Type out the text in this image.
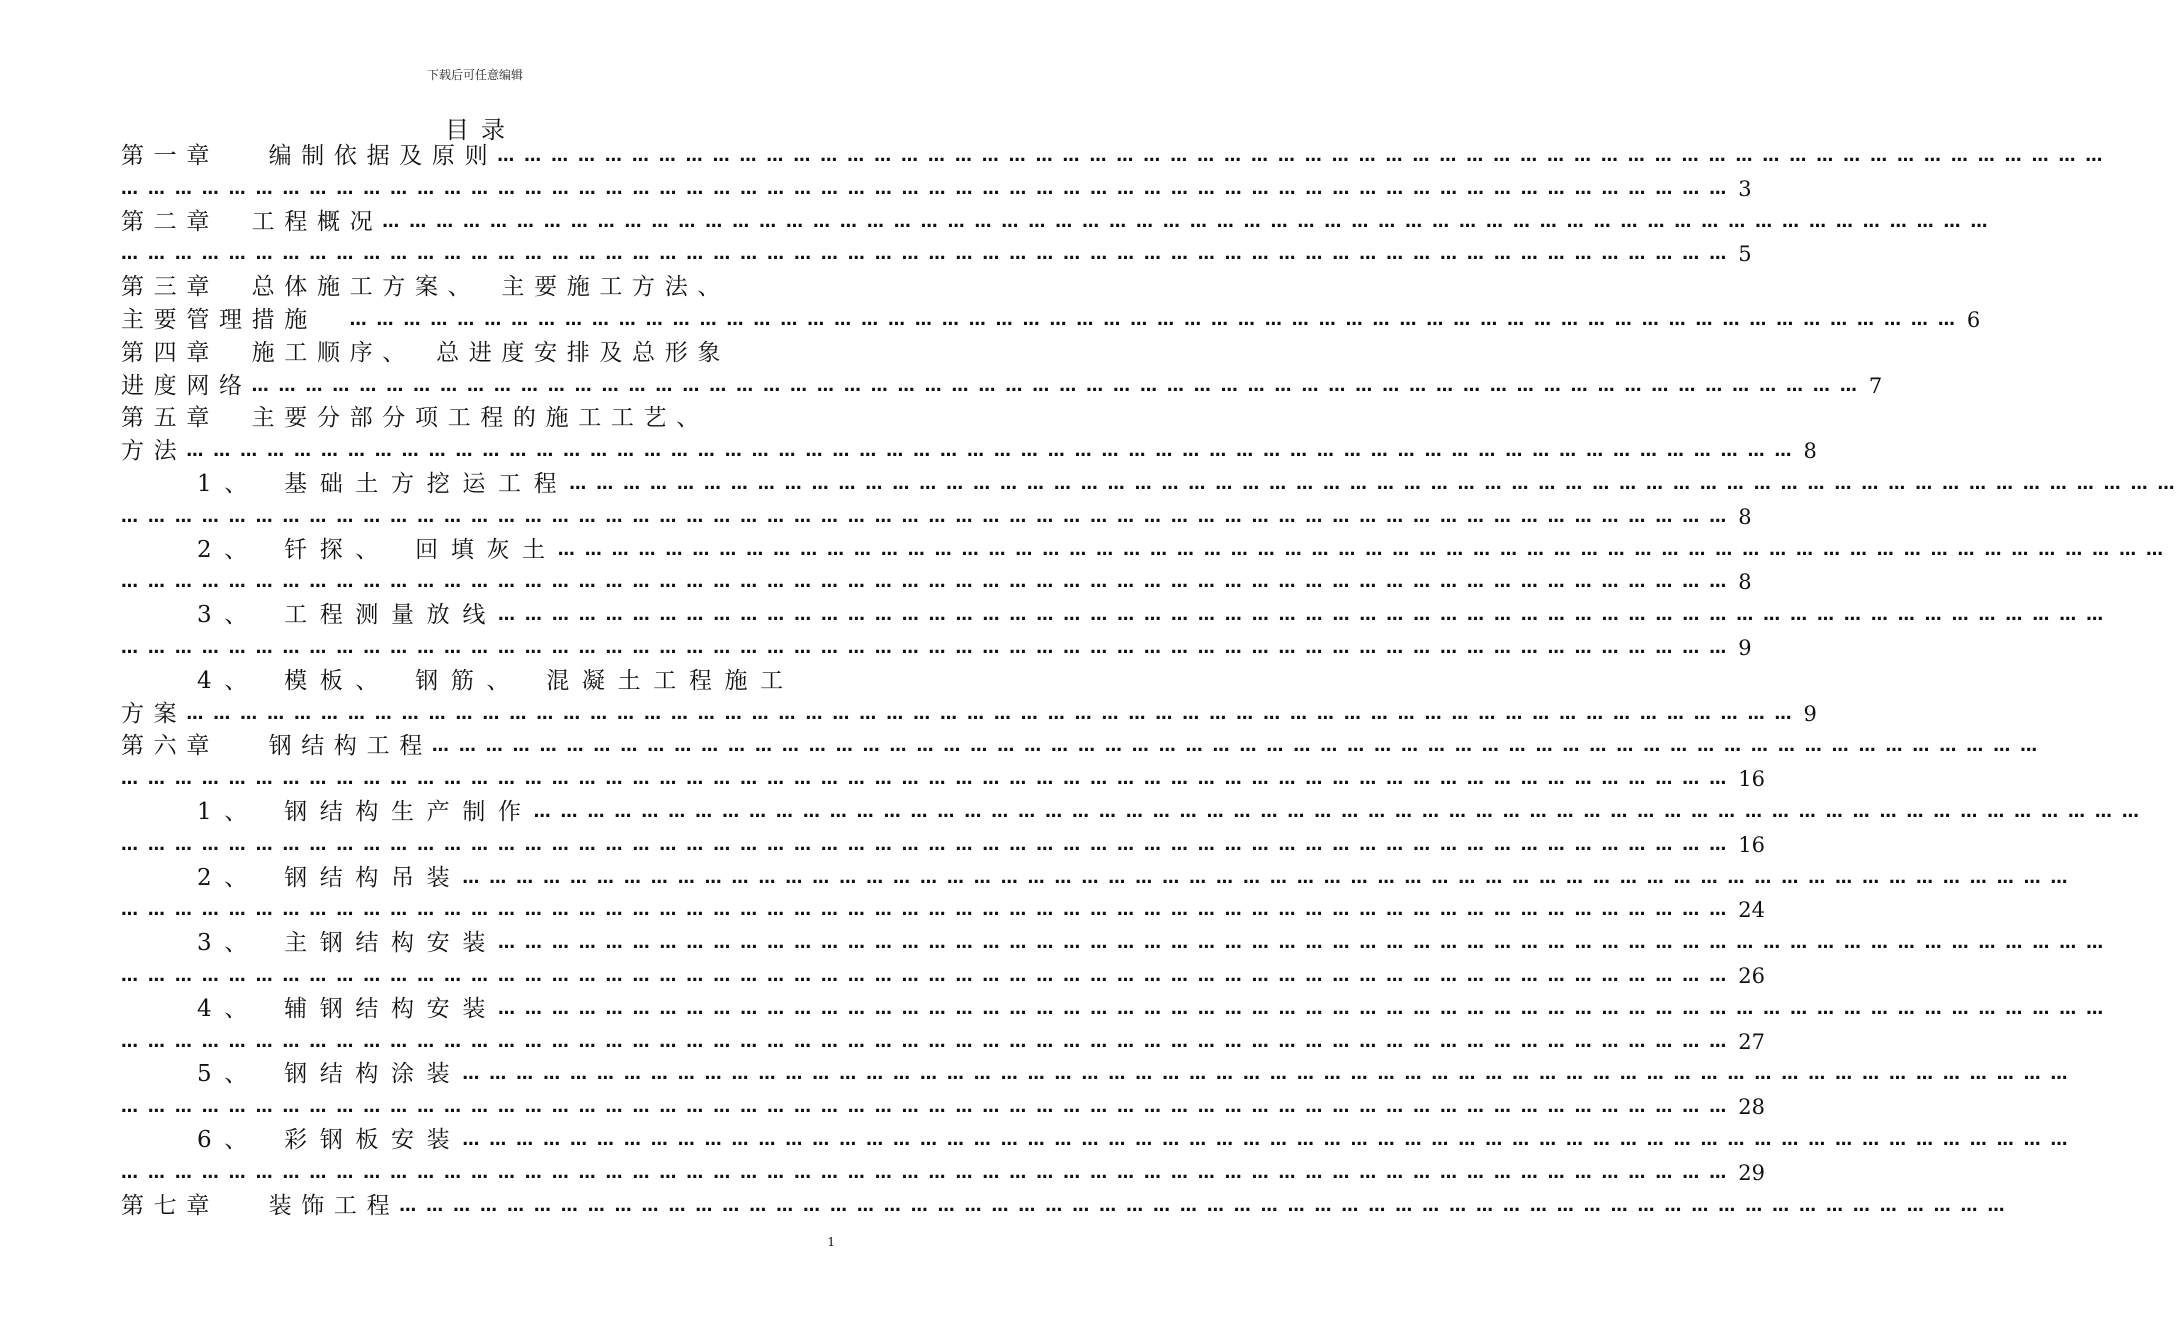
下载后可任意编辑
目录
第一章　 编制依据及原则 … … … … … … … … … … … … … … … … … … … … … … … … … … … … … … … … … … … … … … … … … … … … … … … … … … … … … … … … … … … …
… … … … … … … … … … … … … … … … … … … … … … … … … … … … … … … … … … … … … … … … … … … … … … … … … … … … … … … … … … … … 3
第二章　工程概况 … … … … … … … … … … … … … … … … … … … … … … … … … … … … … … … … … … … … … … … … … … … … … … … … … … … … … … … … … … … …
… … … … … … … … … … … … … … … … … … … … … … … … … … … … … … … … … … … … … … … … … … … … … … … … … … … … … … … … … … … … 5
第三章　总体施工方案、　主要施工方法、
主要管理措施　 … … … … … … … … … … … … … … … … … … … … … … … … … … … … … … … … … … … … … … … … … … … … … … … … … … … … … … … … … … … … 6
第四章　施工顺序、　总进度安排及总形象
进度网络 … … … … … … … … … … … … … … … … … … … … … … … … … … … … … … … … … … … … … … … … … … … … … … … … … … … … … … … … … … … … 7
第五章　主要分部分项工程的施工工艺、
方法 … … … … … … … … … … … … … … … … … … … … … … … … … … … … … … … … … … … … … … … … … … … … … … … … … … … … … … … … … … … … 8
1、　基础土方挖运工程 … … … … … … … … … … … … … … … … … … … … … … … … … … … … … … … … … … … … … … … … … … … … … … … … … … … … … … … … … … … …
… … … … … … … … … … … … … … … … … … … … … … … … … … … … … … … … … … … … … … … … … … … … … … … … … … … … … … … … … … … … 8
2、　钎探、　回填灰土 … … … … … … … … … … … … … … … … … … … … … … … … … … … … … … … … … … … … … … … … … … … … … … … … … … … … … … … … … … … …
… … … … … … … … … … … … … … … … … … … … … … … … … … … … … … … … … … … … … … … … … … … … … … … … … … … … … … … … … … … … 8
3、　工程测量放线 … … … … … … … … … … … … … … … … … … … … … … … … … … … … … … … … … … … … … … … … … … … … … … … … … … … … … … … … … … … …
… … … … … … … … … … … … … … … … … … … … … … … … … … … … … … … … … … … … … … … … … … … … … … … … … … … … … … … … … … … … 9
4、　模板、　钢筋、　混凝土工程施工
方案 … … … … … … … … … … … … … … … … … … … … … … … … … … … … … … … … … … … … … … … … … … … … … … … … … … … … … … … … … … … … 9
第六章　 钢结构工程 … … … … … … … … … … … … … … … … … … … … … … … … … … … … … … … … … … … … … … … … … … … … … … … … … … … … … … … … … … … …
… … … … … … … … … … … … … … … … … … … … … … … … … … … … … … … … … … … … … … … … … … … … … … … … … … … … … … … … … … … … 16
1、　钢结构生产制作 … … … … … … … … … … … … … … … … … … … … … … … … … … … … … … … … … … … … … … … … … … … … … … … … … … … … … … … … … … … …
… … … … … … … … … … … … … … … … … … … … … … … … … … … … … … … … … … … … … … … … … … … … … … … … … … … … … … … … … … … … 16
2、　钢结构吊装 … … … … … … … … … … … … … … … … … … … … … … … … … … … … … … … … … … … … … … … … … … … … … … … … … … … … … … … … … … … …
… … … … … … … … … … … … … … … … … … … … … … … … … … … … … … … … … … … … … … … … … … … … … … … … … … … … … … … … … … … … 24
3、　主钢结构安装 … … … … … … … … … … … … … … … … … … … … … … … … … … … … … … … … … … … … … … … … … … … … … … … … … … … … … … … … … … … …
… … … … … … … … … … … … … … … … … … … … … … … … … … … … … … … … … … … … … … … … … … … … … … … … … … … … … … … … … … … … 26
4、　辅钢结构安装 … … … … … … … … … … … … … … … … … … … … … … … … … … … … … … … … … … … … … … … … … … … … … … … … … … … … … … … … … … … …
… … … … … … … … … … … … … … … … … … … … … … … … … … … … … … … … … … … … … … … … … … … … … … … … … … … … … … … … … … … … 27
5、　钢结构涂装 … … … … … … … … … … … … … … … … … … … … … … … … … … … … … … … … … … … … … … … … … … … … … … … … … … … … … … … … … … … …
… … … … … … … … … … … … … … … … … … … … … … … … … … … … … … … … … … … … … … … … … … … … … … … … … … … … … … … … … … … … 28
6、　彩钢板安装 … … … … … … … … … … … … … … … … … … … … … … … … … … … … … … … … … … … … … … … … … … … … … … … … … … … … … … … … … … … …
… … … … … … … … … … … … … … … … … … … … … … … … … … … … … … … … … … … … … … … … … … … … … … … … … … … … … … … … … … … … 29
第七章　 装饰工程 … … … … … … … … … … … … … … … … … … … … … … … … … … … … … … … … … … … … … … … … … … … … … … … … … … … … … … … … … … … …
1
